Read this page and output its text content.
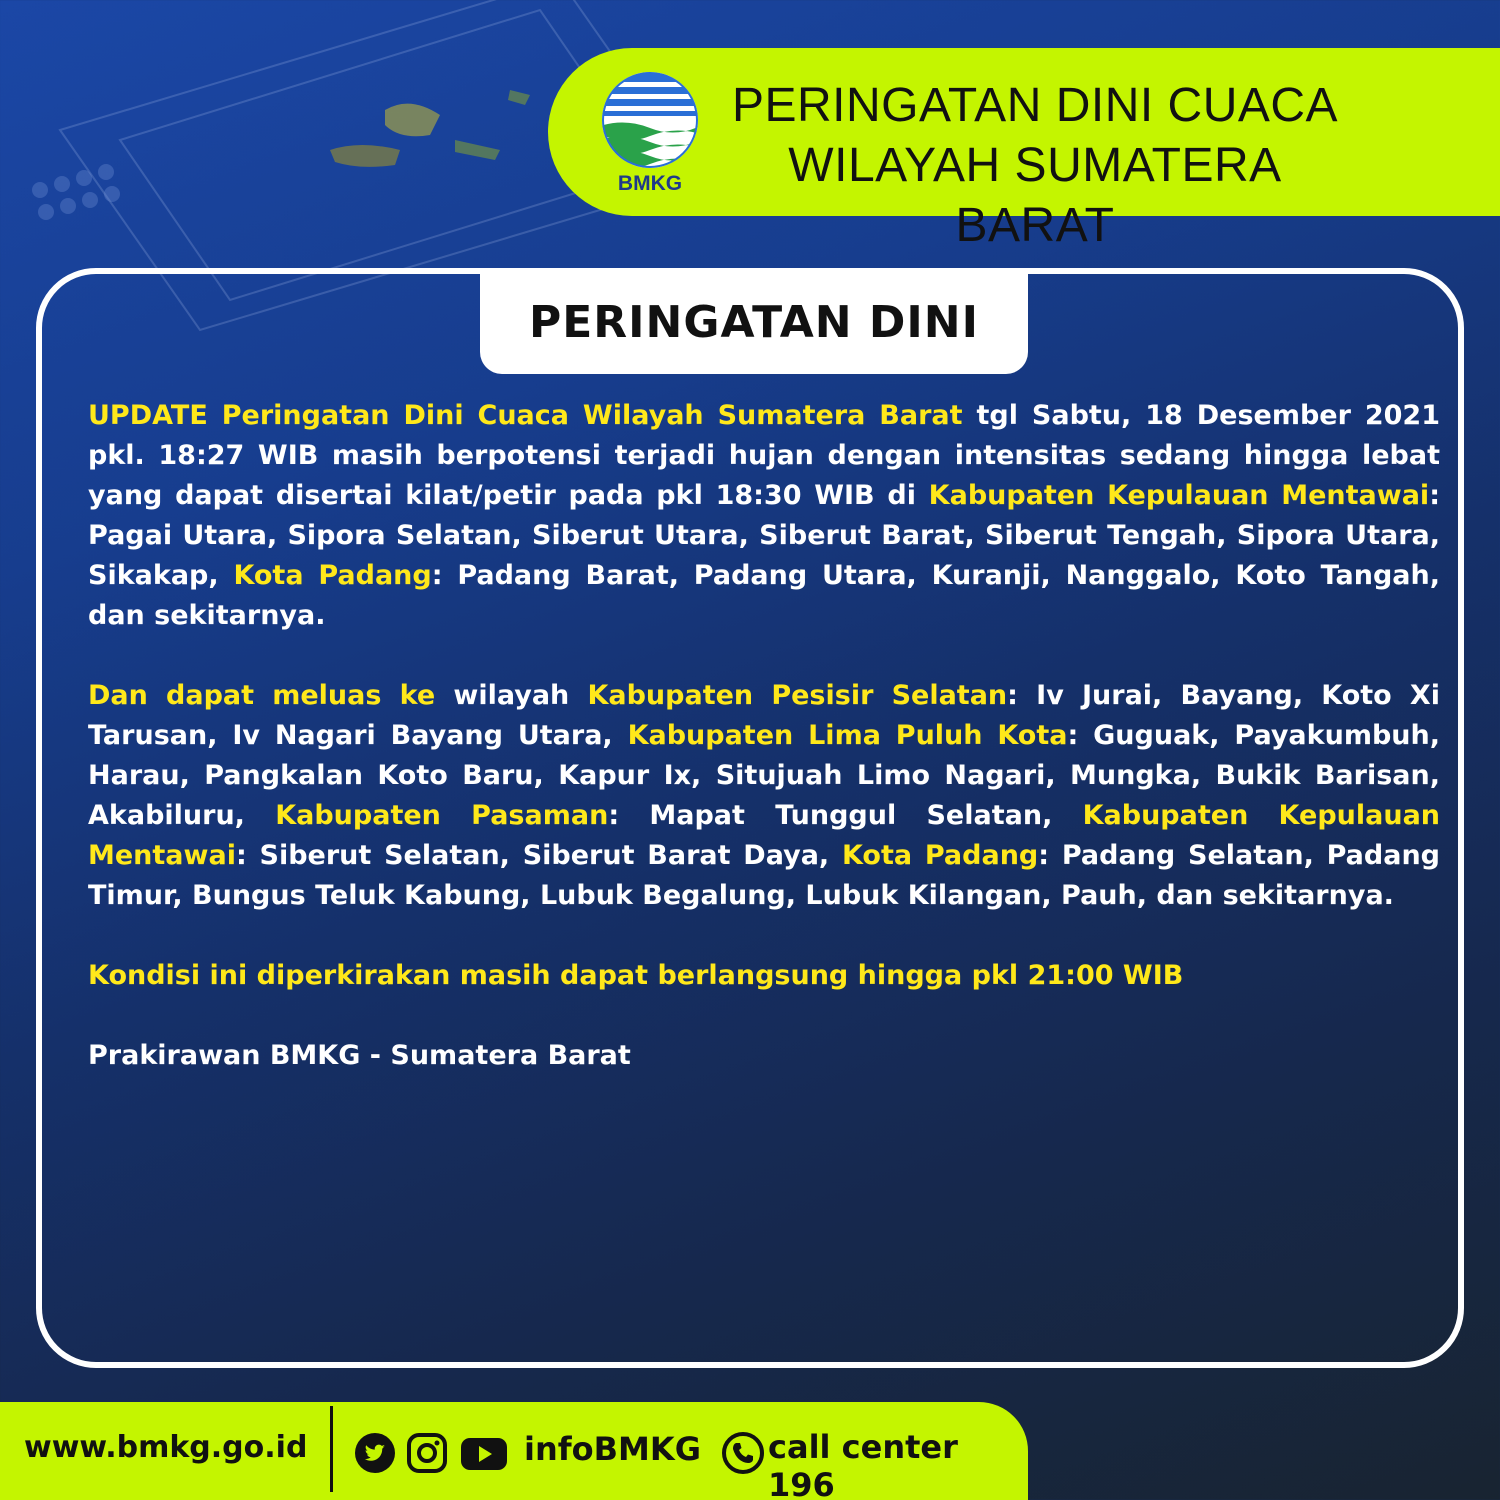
BMKG
PERINGATAN DINI CUACA
WILAYAH SUMATERA BARAT
PERINGATAN DINI

UPDATE Peringatan Dini Cuaca Wilayah Sumatera Barat tgl Sabtu, 18 Desember 2021 pkl. 18:27 WIB masih berpotensi terjadi hujan dengan intensitas sedang hingga lebat yang dapat disertai kilat/petir pada pkl 18:30 WIB di Kabupaten Kepulauan Mentawai: Pagai Utara, Sipora Selatan, Siberut Utara, Siberut Barat, Siberut Tengah, Sipora Utara, Sikakap, Kota Padang: Padang Barat, Padang Utara, Kuranji, Nanggalo, Koto Tangah, dan sekitarnya.

Dan dapat meluas ke wilayah Kabupaten Pesisir Selatan: Iv Jurai, Bayang, Koto Xi Tarusan, Iv Nagari Bayang Utara, Kabupaten Lima Puluh Kota: Guguak, Payakumbuh, Harau, Pangkalan Koto Baru, Kapur Ix, Situjuah Limo Nagari, Mungka, Bukik Barisan, Akabiluru, Kabupaten Pasaman: Mapat Tunggul Selatan, Kabupaten Kepulauan Mentawai: Siberut Selatan, Siberut Barat Daya, Kota Padang: Padang Selatan, Padang Timur, Bungus Teluk Kabung, Lubuk Begalung, Lubuk Kilangan, Pauh, dan sekitarnya.

Kondisi ini diperkirakan masih dapat berlangsung hingga pkl 21:00 WIB

Prakirawan BMKG - Sumatera Barat

www.bmkg.go.id	infoBMKG call center 196
